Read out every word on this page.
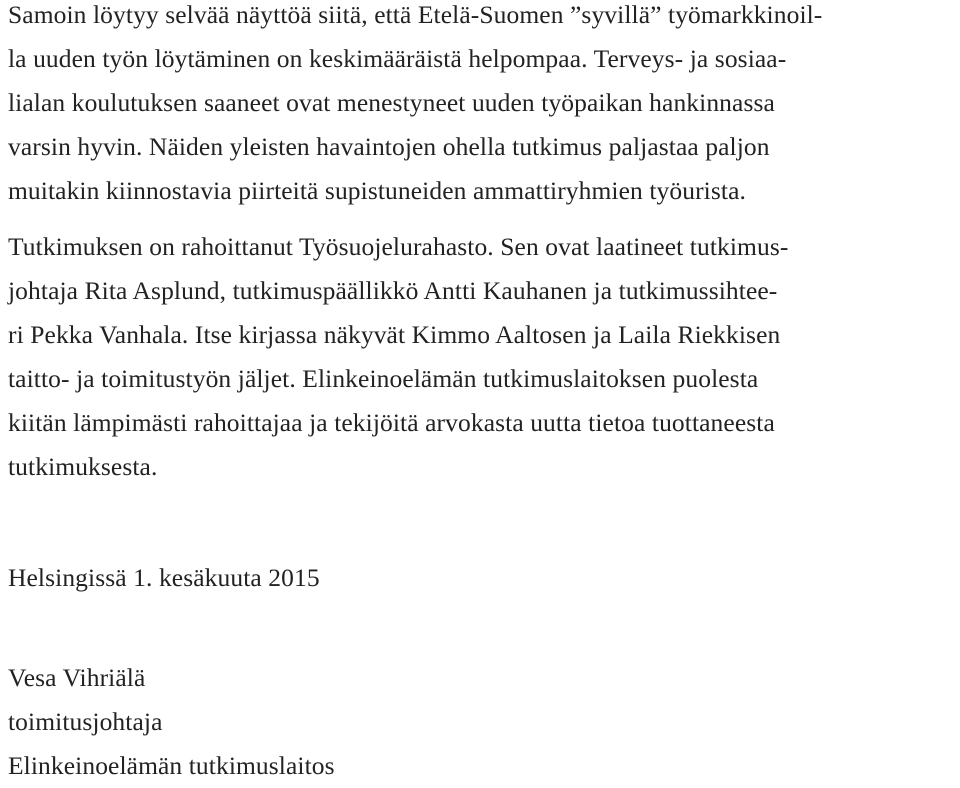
Samoin löytyy selvää näyttöä siitä, että Etelä-Suomen ”syvillä” työmarkkinoil-
la uuden työn löytäminen on keskimääräistä helpompaa. Terveys- ja sosiaa-
lialan koulutuksen saaneet ovat menestyneet uuden työpaikan hankinnassa
varsin hyvin. Näiden yleisten havaintojen ohella tutkimus paljastaa paljon
muitakin kiinnostavia piirteitä supistuneiden ammattiryhmien työurista.
Tutkimuksen on rahoittanut Työsuojelurahasto. Sen ovat laatineet tutkimus-
johtaja Rita Asplund, tutkimuspäällikkö Antti Kauhanen ja tutkimussihtee-
ri Pekka Vanhala. Itse kirjassa näkyvät Kimmo Aaltosen ja Laila Riekkisen
taitto- ja toimitustyön jäljet. Elinkeinoelämän tutkimuslaitoksen puolesta
kiitän lämpimästi rahoittajaa ja tekijöitä arvokasta uutta tietoa tuottaneesta
tutkimuksesta.
Helsingissä 1. kesäkuuta 2015
Vesa Vihriälä
toimitusjohtaja
Elinkeinoelämän tutkimuslaitos
